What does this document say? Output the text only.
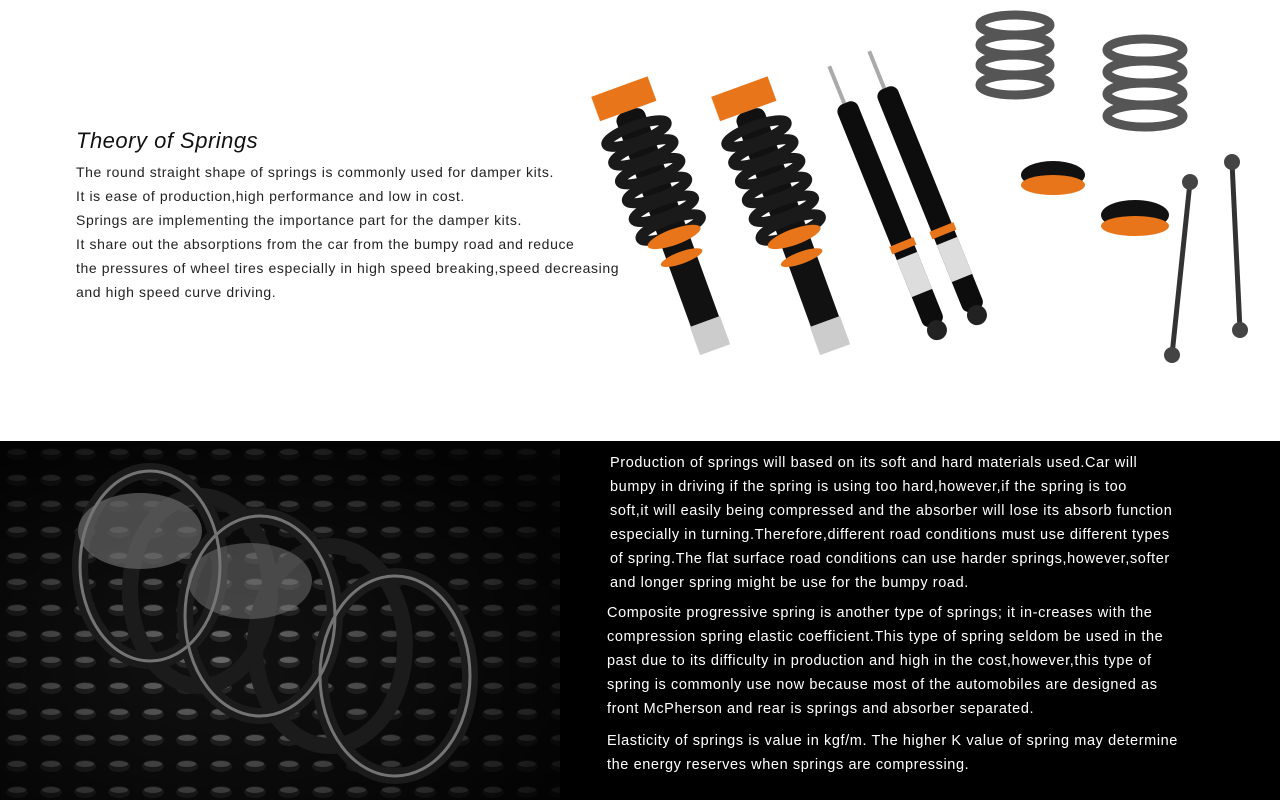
Theory of Springs
The round straight shape of springs is commonly used for damper kits.
It is ease of production,high performance and low in cost.
Springs are implementing the importance part for the damper kits.
It share out the absorptions from the car from the bumpy road and reduce
the pressures of wheel tires especially in high speed breaking,speed decreasing
and high speed curve driving.
Production of springs will based on its soft and hard materials used.Car will
bumpy in driving if the spring is using too hard,however,if the spring is too
soft,it will easily being compressed and the absorber will lose its absorb function
especially in turning.Therefore,different road conditions must use different types
of spring.The flat surface road conditions can use harder springs,however,softer
and longer spring might be use for the bumpy road.
Composite progressive spring is another type of springs; it in-creases with the
compression spring elastic coefficient.This type of spring seldom be used in the
past due to its difficulty in production and high in the cost,however,this type of
spring is commonly use now because most of the automobiles are designed as
front McPherson and rear is springs and absorber separated.
Elasticity of springs is value in kgf/m. The higher K value of spring may determine
the energy reserves when springs are compressing.
